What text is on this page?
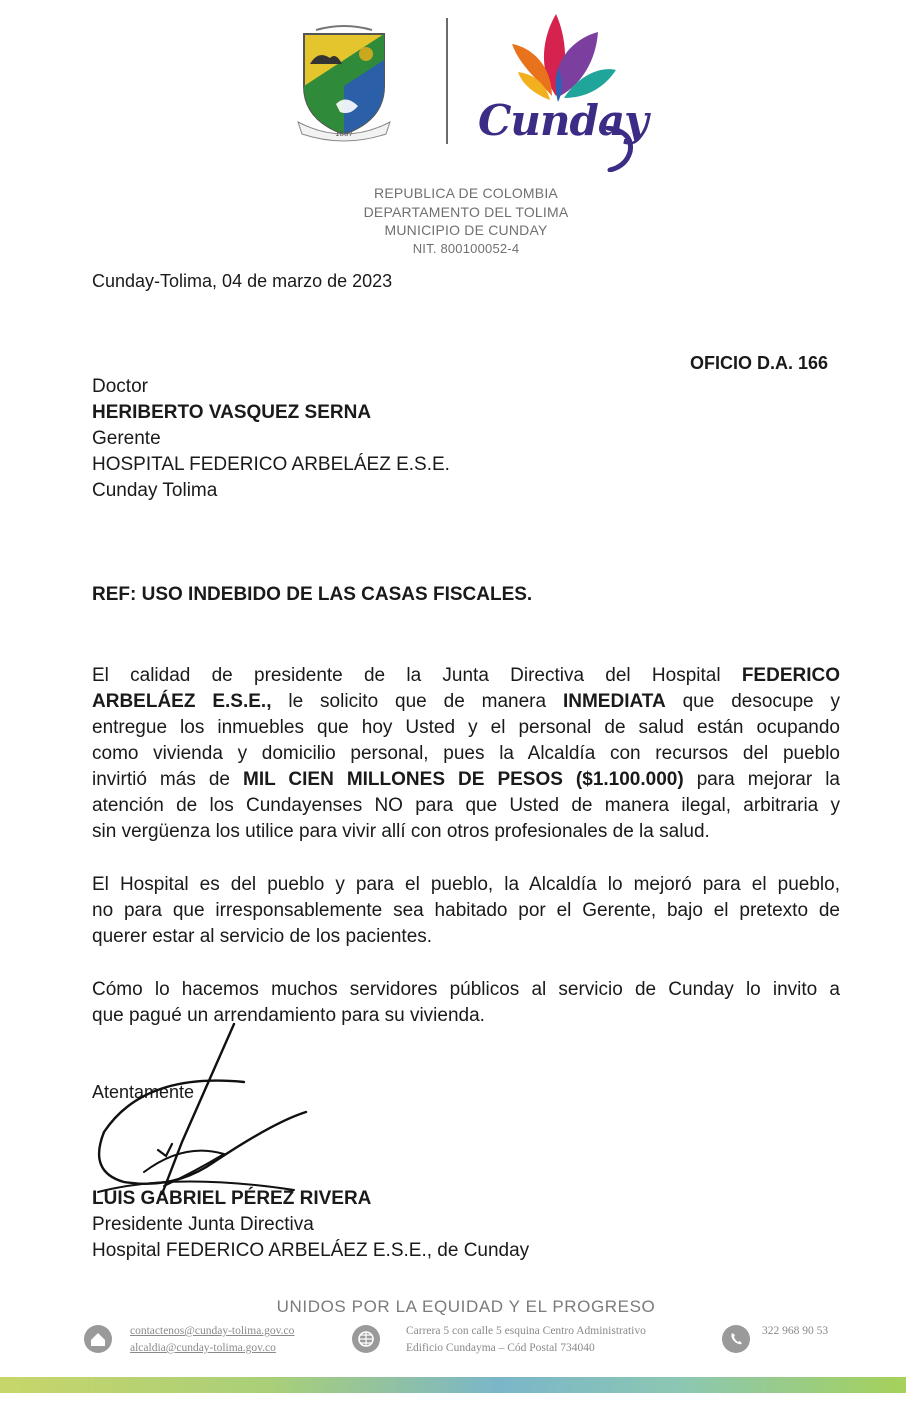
1887	Cunday
REPUBLICA DE COLOMBIA
DEPARTAMENTO DEL TOLIMA
MUNICIPIO DE CUNDAY
NIT. 800100052-4
Cunday-Tolima, 04 de marzo de 2023
OFICIO D.A. 166
Doctor
HERIBERTO VASQUEZ SERNA
Gerente
HOSPITAL FEDERICO ARBELÁEZ E.S.E.
Cunday Tolima
REF: USO INDEBIDO DE LAS CASAS FISCALES.
El calidad de presidente de la Junta Directiva del Hospital FEDERICO
ARBELÁEZ E.S.E., le solicito que de manera INMEDIATA que desocupe y
entregue los inmuebles que hoy Usted y el personal de salud están ocupando
como vivienda y domicilio personal, pues la Alcaldía con recursos del pueblo
invirtió más de MIL CIEN MILLONES DE PESOS ($1.100.000) para mejorar la
atención de los Cundayenses NO para que Usted de manera ilegal, arbitraria y
sin vergüenza los utilice para vivir allí con otros profesionales de la salud.
El Hospital es del pueblo y para el pueblo, la Alcaldía lo mejoró para el pueblo,
no para que irresponsablemente sea habitado por el Gerente, bajo el pretexto de
querer estar al servicio de los pacientes.
Cómo lo hacemos muchos servidores públicos al servicio de Cunday lo invito a
que pagué un arrendamiento para su vivienda.
Atentamente
LUIS GABRIEL PÉREZ RIVERA
Presidente Junta Directiva
Hospital FEDERICO ARBELÁEZ E.S.E., de Cunday
UNIDOS POR LA EQUIDAD Y EL PROGRESO
contactenos@cunday-tolima.gov.co
alcaldia@cunday-tolima.gov.co
Carrera 5 con calle 5 esquina Centro Administrativo
Edificio Cundayma – Cód Postal 734040
322 968 90 53
